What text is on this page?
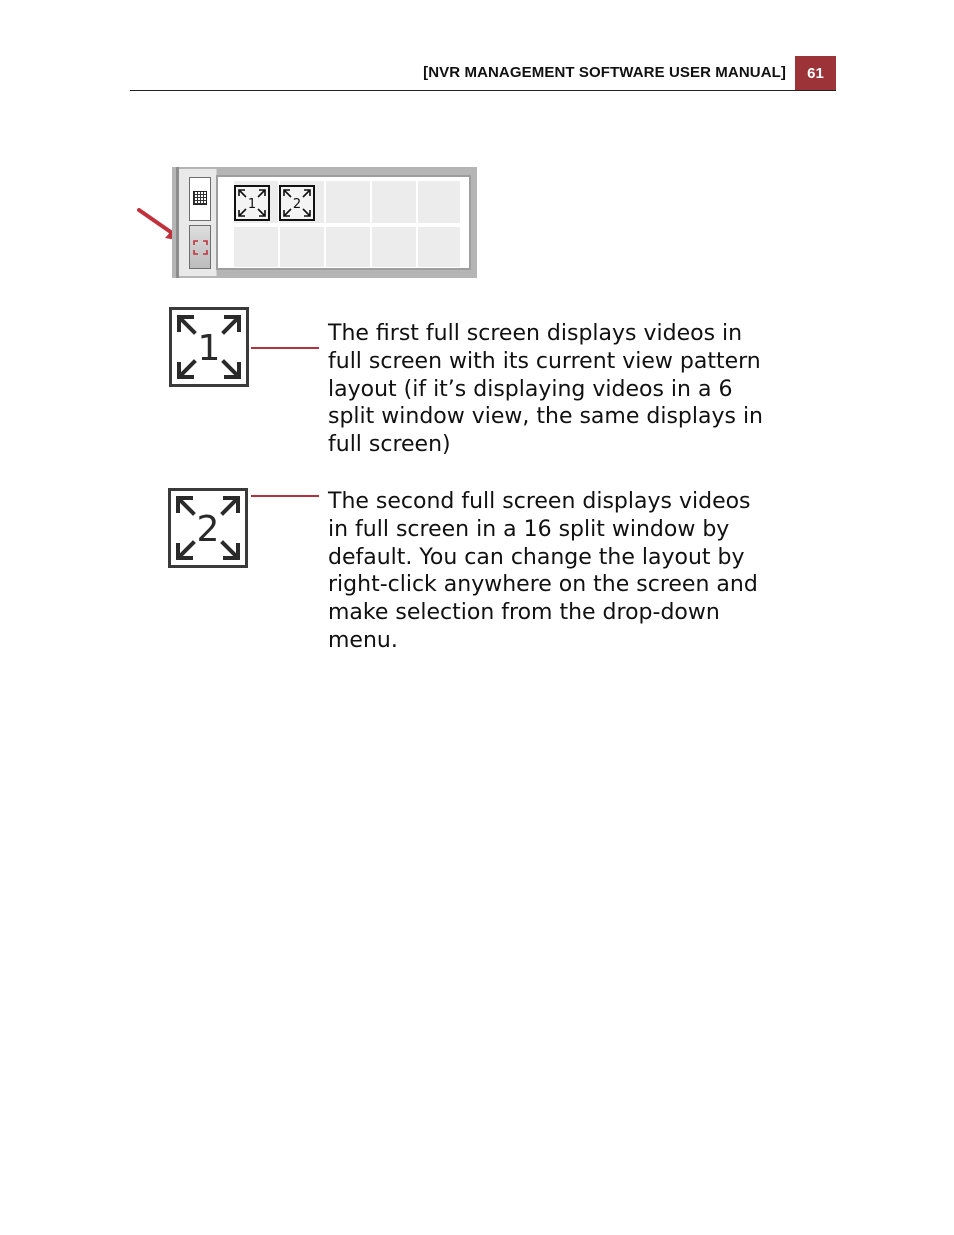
[NVR MANAGEMENT SOFTWARE USER MANUAL]	61
1	2
1	The first full screen displays videos in
full screen with its current view pattern
layout (if it’s displaying videos in a 6
split window view, the same displays in
full screen)
2
The second full screen displays videos
in full screen in a 16 split window by
default. You can change the layout by
right-click anywhere on the screen and
make selection from the drop-down
menu.
